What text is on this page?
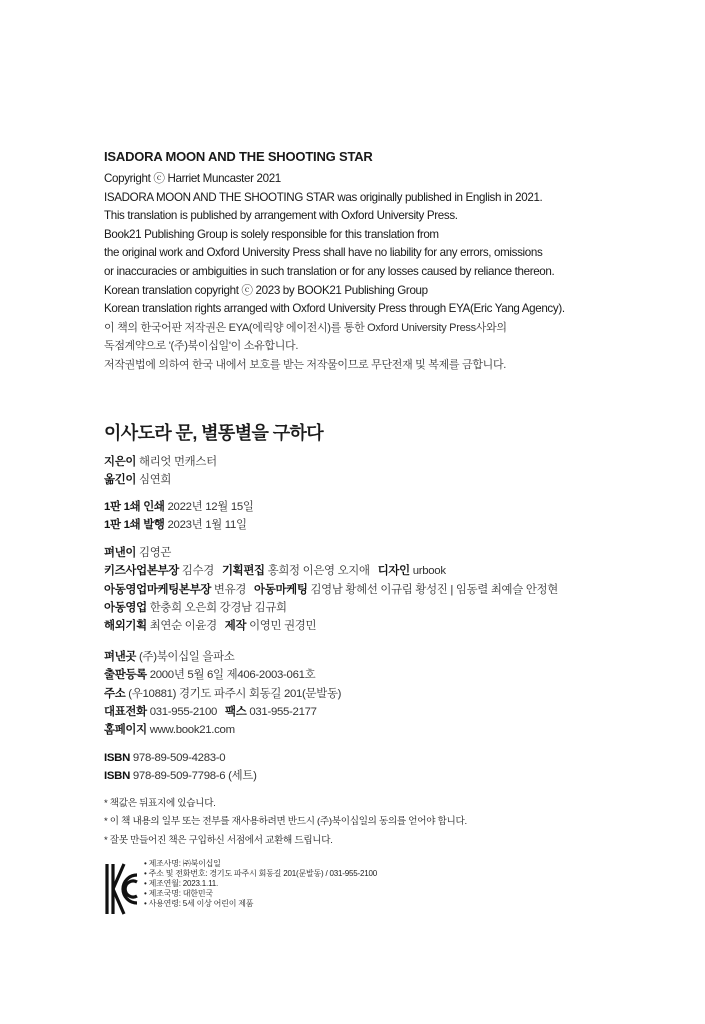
ISADORA MOON AND THE SHOOTING STAR
Copyright ⓒ Harriet Muncaster 2021
ISADORA MOON AND THE SHOOTING STAR was originally published in English in 2021.
This translation is published by arrangement with Oxford University Press.
Book21 Publishing Group is solely responsible for this translation from
the original work and Oxford University Press shall have no liability for any errors, omissions
or inaccuracies or ambiguities in such translation or for any losses caused by reliance thereon.
Korean translation copyright ⓒ 2023 by BOOK21 Publishing Group
Korean translation rights arranged with Oxford University Press through EYA(Eric Yang Agency).
이 책의 한국어판 저작권은 EYA(에릭양 에이전시)를 통한 Oxford University Press사와의
독점계약으로 '(주)북이십일'이 소유합니다.
저작권법에 의하여 한국 내에서 보호를 받는 저작물이므로 무단전재 및 복제를 금합니다.
이사도라 문, 별똥별을 구하다
지은이 해리엇 먼캐스터
옮긴이 심연희
1판 1쇄 인쇄 2022년 12월 15일
1판 1쇄 발행 2023년 1월 11일
펴낸이 김영곤
키즈사업본부장 김수경 기획편집 홍희정 이은영 오지애 디자인 urbook
아동영업마케팅본부장 변유경 아동마케팅 김영남 황혜선 이규림 황성진 | 임동렬 최예슬 안정현
아동영업 한충희 오은희 강경남 김규희
해외기획 최연순 이윤경 제작 이영민 권경민
펴낸곳 (주)북이십일 을파소
출판등록 2000년 5월 6일 제406-2003-061호
주소 (우10881) 경기도 파주시 회동길 201(문발동)
대표전화 031-955-2100 팩스 031-955-2177
홈페이지 www.book21.com
ISBN 978-89-509-4283-0
ISBN 978-89-509-7798-6 (세트)
* 책값은 뒤표지에 있습니다.
* 이 책 내용의 일부 또는 전부를 재사용하려면 반드시 (주)북이십일의 동의를 얻어야 합니다.
* 잘못 만들어진 책은 구입하신 서점에서 교환해 드립니다.
• 제조사명: ㈜북이십일
• 주소 및 전화번호: 경기도 파주시 회동길 201(문발동) / 031-955-2100
• 제조연월: 2023.1.11.
• 제조국명: 대한민국
• 사용연령: 5세 이상 어린이 제품
